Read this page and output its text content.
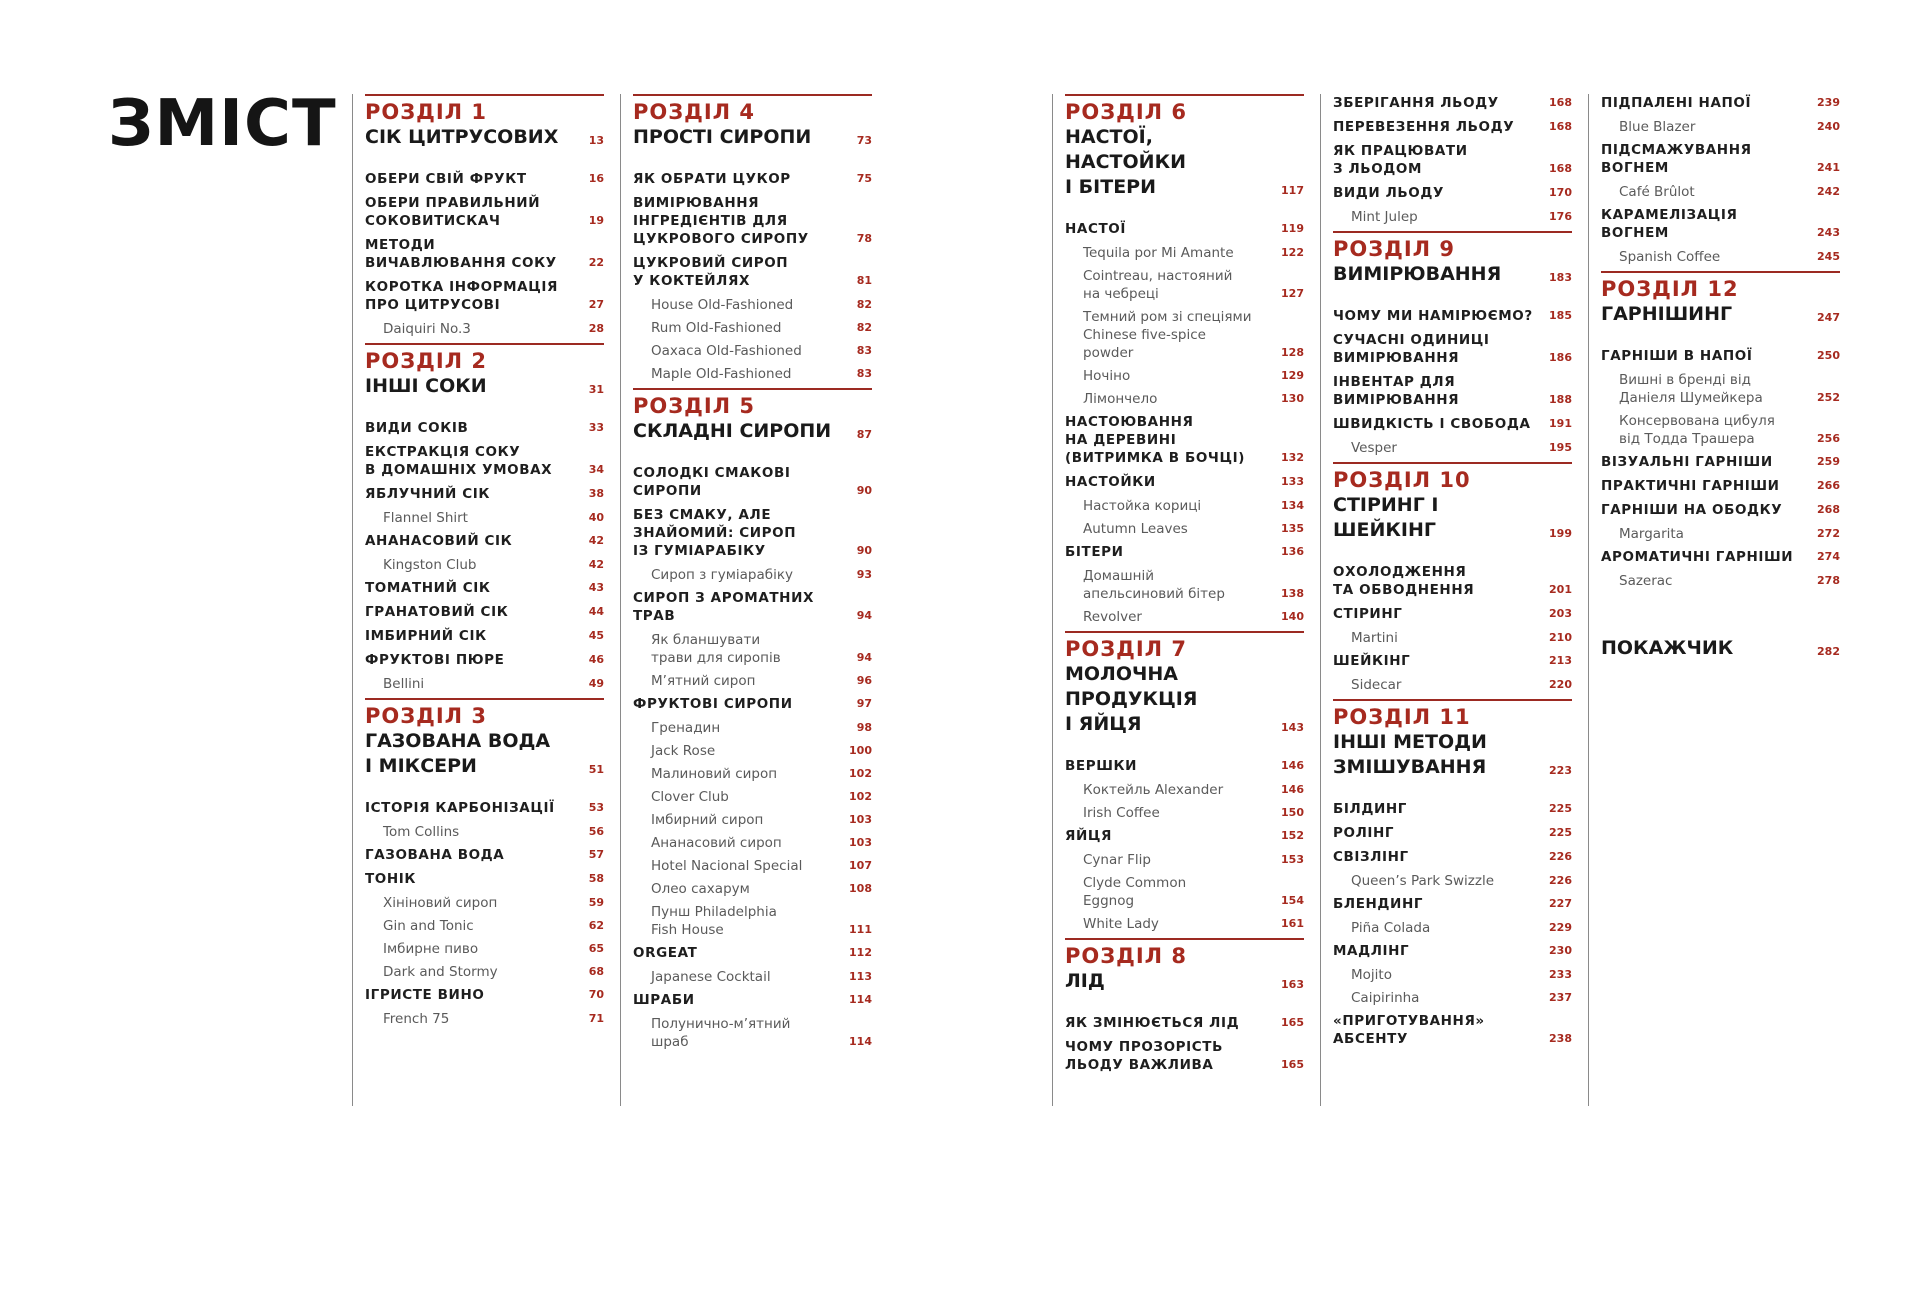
ЗМІСТ РОЗДІЛ 1
СІК ЦИТРУСОВИХ	13
ОБЕРИ СВІЙ ФРУКТ	16
ОБЕРИ ПРАВИЛЬНИЙ
СОКОВИТИСКАЧ	19
МЕТОДИ
ВИЧАВЛЮВАННЯ СОКУ	22
КОРОТКА ІНФОРМАЦІЯ
ПРО ЦИТРУСОВІ	27
Daiquiri No.3	28
РОЗДІЛ 2
ІНШІ СОКИ	31
ВИДИ СОКІВ	33
ЕКСТРАКЦІЯ СОКУ
В ДОМАШНІХ УМОВАХ	34
ЯБЛУЧНИЙ СІК	38
Flannel Shirt	40
АНАНАСОВИЙ СІК	42
Kingston Club	42
ТОМАТНИЙ СІК	43
ГРАНАТОВИЙ СІК	44
ІМБИРНИЙ СІК	45
ФРУКТОВІ ПЮРЕ	46
Bellini	49
РОЗДІЛ 3
ГАЗОВАНА ВОДА
І МІКСЕРИ	51
ІСТОРІЯ КАРБОНІЗАЦІЇ	53
Tom Collins	56
ГАЗОВАНА ВОДА	57
ТОНІК	58
Хініновий сироп	59
Gin and Tonic	62
Імбирне пиво	65
Dark and Stormy	68
ІГРИСТЕ ВИНО	70
French 75	71
РОЗДІЛ 4
ПРОСТІ СИРОПИ	73
ЯК ОБРАТИ ЦУКОР	75
ВИМІРЮВАННЯ
ІНГРЕДІЄНТІВ ДЛЯ
ЦУКРОВОГО СИРОПУ	78
ЦУКРОВИЙ СИРОП
У КОКТЕЙЛЯХ	81
House Old-Fashioned	82
Rum Old-Fashioned	82
Oaxaca Old-Fashioned	83
Maple Old-Fashioned	83
РОЗДІЛ 5
СКЛАДНІ СИРОПИ	87
СОЛОДКІ СМАКОВІ
СИРОПИ	90
БЕЗ СМАКУ, АЛЕ
ЗНАЙОМИЙ: СИРОП
ІЗ ГУМІАРАБІКУ	90
Сироп з гуміарабіку	93
СИРОП З АРОМАТНИХ
ТРАВ	94
Як бланшувати
трави для сиропів	94
М’ятний сироп	96
ФРУКТОВІ СИРОПИ	97
Гренадин	98
Jack Rose	100
Малиновий сироп	102
Clover Club	102
Імбирний сироп	103
Ананасовий сироп	103
Hotel Nacional Special	107
Олео сахарум	108
Пунш Philadelphia
Fish House	111
ORGEAT	112
Japanese Cocktail	113
ШРАБИ	114
Полунично-м’ятний
шраб	114
РОЗДІЛ 6
НАСТОЇ, НАСТОЙКИ
І БІТЕРИ	117
НАСТОЇ	119
Tequila por Mi Amante	122
Cointreau, настояний
на чебреці	127
Темний ром зі спеціями
Chinese five-spice
powder	128
Ночіно	129
Лімончело	130
НАСТОЮВАННЯ
НА ДЕРЕВИНІ
(ВИТРИМКА В БОЧЦІ)	132
НАСТОЙКИ	133
Настойка кориці	134
Autumn Leaves	135
БІТЕРИ	136
Домашній
апельсиновий бітер	138
Revolver	140
РОЗДІЛ 7
МОЛОЧНА
ПРОДУКЦІЯ
І ЯЙЦЯ	143
ВЕРШКИ	146
Коктейль Alexander	146
Irish Coffee	150
ЯЙЦЯ	152
Cynar Flip	153
Clyde Common
Eggnog	154
White Lady	161
РОЗДІЛ 8
ЛІД	163
ЯК ЗМІНЮЄТЬСЯ ЛІД	165
ЧОМУ ПРОЗОРІСТЬ
ЛЬОДУ ВАЖЛИВА	165
ЗБЕРІГАННЯ ЛЬОДУ	168
ПЕРЕВЕЗЕННЯ ЛЬОДУ	168
ЯК ПРАЦЮВАТИ
З ЛЬОДОМ	168
ВИДИ ЛЬОДУ	170
Mint Julep	176
РОЗДІЛ 9
ВИМІРЮВАННЯ	183
ЧОМУ МИ НАМІРЮЄМО? 185
СУЧАСНІ ОДИНИЦІ
ВИМІРЮВАННЯ	186
ІНВЕНТАР ДЛЯ
ВИМІРЮВАННЯ	188
ШВИДКІСТЬ І СВОБОДА 191
Vesper	195
РОЗДІЛ 10
СТІРИНГ І ШЕЙКІНГ	199
ОХОЛОДЖЕННЯ
ТА ОБВОДНЕННЯ	201
СТІРИНГ	203
Martini	210
ШЕЙКІНГ	213
Sidecar	220
РОЗДІЛ 11
ІНШІ МЕТОДИ
ЗМІШУВАННЯ	223
БІЛДИНГ	225
РОЛІНГ	225
СВІЗЛІНГ	226
Queen’s Park Swizzle	226
БЛЕНДИНГ	227
Piña Colada	229
МАДЛІНГ	230
Mojito	233
Caipirinha	237
«ПРИГОТУВАННЯ»
АБСЕНТУ	238
ПІДПАЛЕНІ НАПОЇ	239
Blue Blazer	240
ПІДСМАЖУВАННЯ
ВОГНЕМ	241
Café Brûlot	242
КАРАМЕЛІЗАЦІЯ
ВОГНЕМ	243
Spanish Coffee	245
РОЗДІЛ 12
ГАРНІШИНГ	247
ГАРНІШИ В НАПОЇ	250
Вишні в бренді від
Даніеля Шумейкера	252
Консервована цибуля
від Тодда Трашера	256
ВІЗУАЛЬНІ ГАРНІШИ	259
ПРАКТИЧНІ ГАРНІШИ	266
ГАРНІШИ НА ОБОДКУ	268
Margarita	272
АРОМАТИЧНІ ГАРНІШИ 274
Sazerac	278
ПОКАЖЧИК	282
